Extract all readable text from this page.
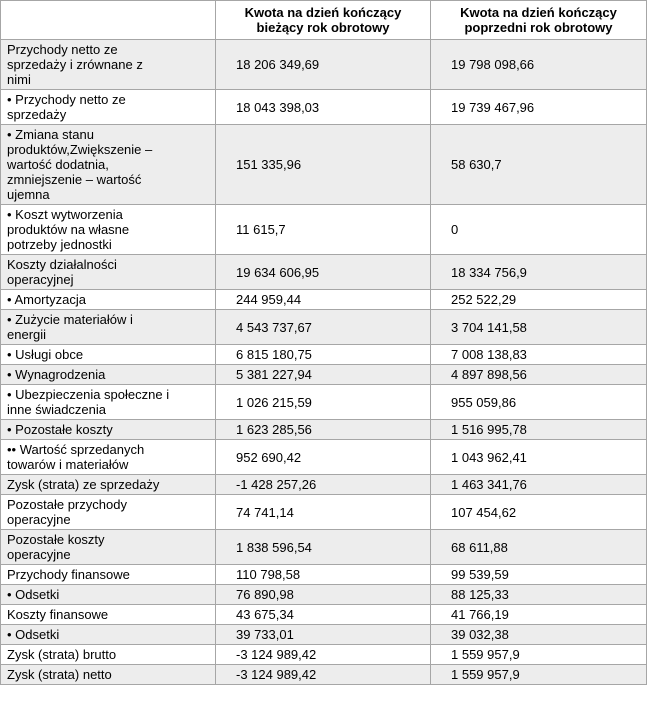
	Kwota na dzień kończący bieżący rok obrotowy	Kwota na dzień kończący poprzedni rok obrotowy
Przychody netto ze sprzedaży i zrównane z nimi	18 206 349,69	19 798 098,66
• Przychody netto ze sprzedaży	18 043 398,03	19 739 467,96
• Zmiana stanu produktów,Zwiększenie – wartość dodatnia, zmniejszenie – wartość ujemna	151 335,96	58 630,7
• Koszt wytworzenia produktów na własne potrzeby jednostki	11 615,7	0
Koszty działalności operacyjnej	19 634 606,95	18 334 756,9
• Amortyzacja	244 959,44	252 522,29
• Zużycie materiałów i energii	4 543 737,67	3 704 141,58
• Usługi obce	6 815 180,75	7 008 138,83
• Wynagrodzenia	5 381 227,94	4 897 898,56
• Ubezpieczenia społeczne i inne świadczenia	1 026 215,59	955 059,86
• Pozostałe koszty	1 623 285,56	1 516 995,78
•• Wartość sprzedanych towarów i materiałów	952 690,42	1 043 962,41
Zysk (strata) ze sprzedaży	-1 428 257,26	1 463 341,76
Pozostałe przychody operacyjne	74 741,14	107 454,62
Pozostałe koszty operacyjne	1 838 596,54	68 611,88
Przychody finansowe	110 798,58	99 539,59
• Odsetki	76 890,98	88 125,33
Koszty finansowe	43 675,34	41 766,19
• Odsetki	39 733,01	39 032,38
Zysk (strata) brutto	-3 124 989,42	1 559 957,9
Zysk (strata) netto	-3 124 989,42	1 559 957,9
